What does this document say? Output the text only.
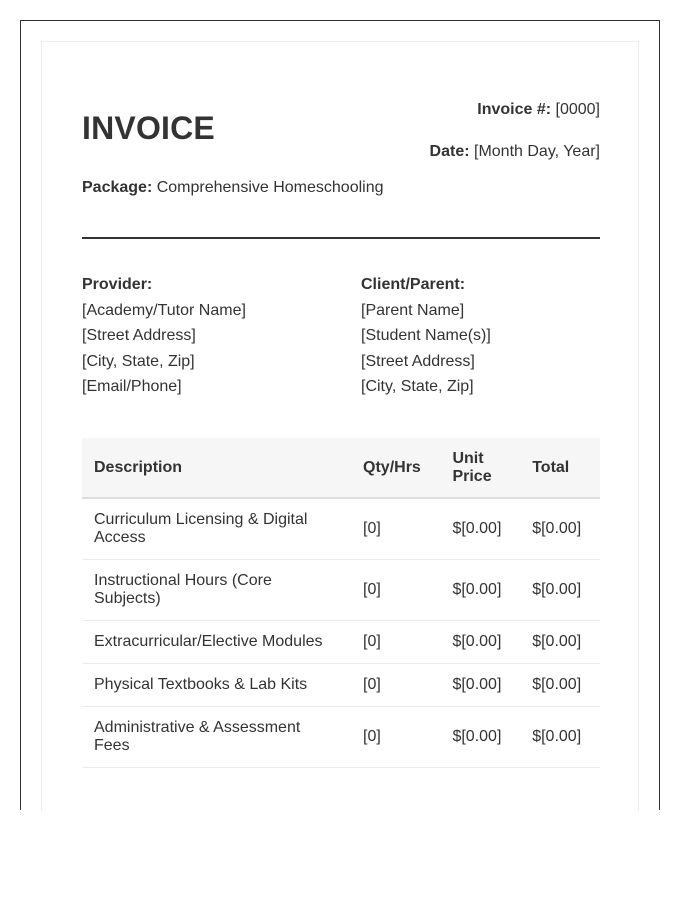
INVOICE
Invoice #: [0000]
Date: [Month Day, Year]
Package: Comprehensive Homeschooling
Provider:
[Academy/Tutor Name]
[Street Address]
[City, State, Zip]
[Email/Phone]
Client/Parent:
[Parent Name]
[Student Name(s)]
[Street Address]
[City, State, Zip]
Description	Qty/Hrs	Unit Price	Total
Curriculum Licensing & Digital Access	[0]	$[0.00]	$[0.00]
Instructional Hours (Core Subjects)	[0]	$[0.00]	$[0.00]
Extracurricular/Elective Modules	[0]	$[0.00]	$[0.00]
Physical Textbooks & Lab Kits	[0]	$[0.00]	$[0.00]
Administrative & Assessment Fees	[0]	$[0.00]	$[0.00]
